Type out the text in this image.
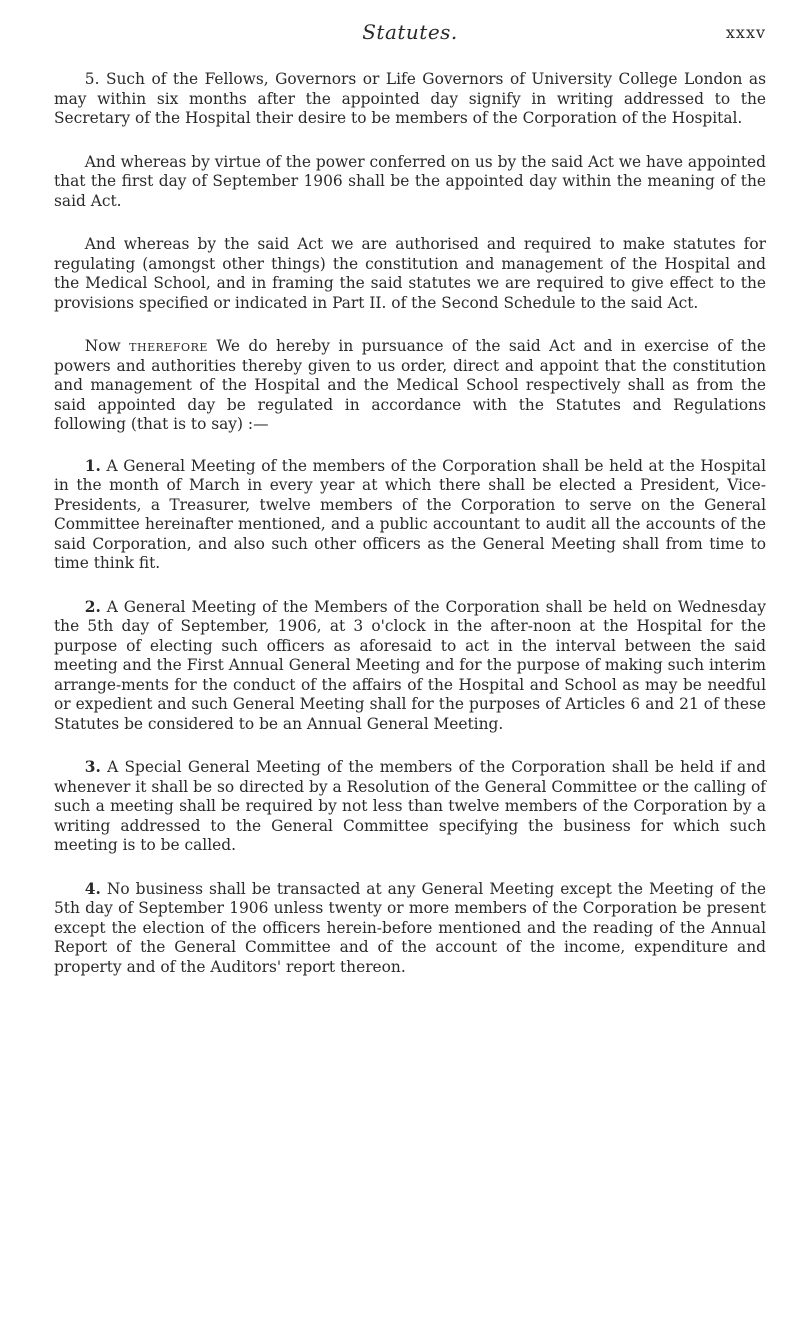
Statutes.	xxxv

5. Such of the Fellows, Governors or Life Governors of University College London as may within six months after the appointed day signify in writing addressed to the Secretary of the Hospital their desire to be members of the Corporation of the Hospital.

And whereas by virtue of the power conferred on us by the said Act we have appointed that the first day of September 1906 shall be the appointed day within the meaning of the said Act.

And whereas by the said Act we are authorised and required to make statutes for regulating (amongst other things) the constitution and management of the Hospital and the Medical School, and in framing the said statutes we are required to give effect to the provisions specified or indicated in Part II. of the Second Schedule to the said Act.

Now therefore We do hereby in pursuance of the said Act and in exercise of the powers and authorities thereby given to us order, direct and appoint that the constitution and management of the Hospital and the Medical School respectively shall as from the said appointed day be regulated in accordance with the Statutes and Regulations following (that is to say) :—

1. A General Meeting of the members of the Corporation shall be held at the Hospital in the month of March in every year at which there shall be elected a President, Vice-Presidents, a Treasurer, twelve members of the Corporation to serve on the General Committee hereinafter mentioned, and a public accountant to audit all the accounts of the said Corporation, and also such other officers as the General Meeting shall from time to time think fit.

2. A General Meeting of the Members of the Corporation shall be held on Wednesday the 5th day of September, 1906, at 3 o'clock in the after-noon at the Hospital for the purpose of electing such officers as aforesaid to act in the interval between the said meeting and the First Annual General Meeting and for the purpose of making such interim arrange-ments for the conduct of the affairs of the Hospital and School as may be needful or expedient and such General Meeting shall for the purposes of Articles 6 and 21 of these Statutes be considered to be an Annual General Meeting.

3. A Special General Meeting of the members of the Corporation shall be held if and whenever it shall be so directed by a Resolution of the General Committee or the calling of such a meeting shall be required by not less than twelve members of the Corporation by a writing addressed to the General Committee specifying the business for which such meeting is to be called.

4. No business shall be transacted at any General Meeting except the Meeting of the 5th day of September 1906 unless twenty or more members of the Corporation be present except the election of the officers herein-before mentioned and the reading of the Annual Report of the General Committee and of the account of the income, expenditure and property and of the Auditors' report thereon.
